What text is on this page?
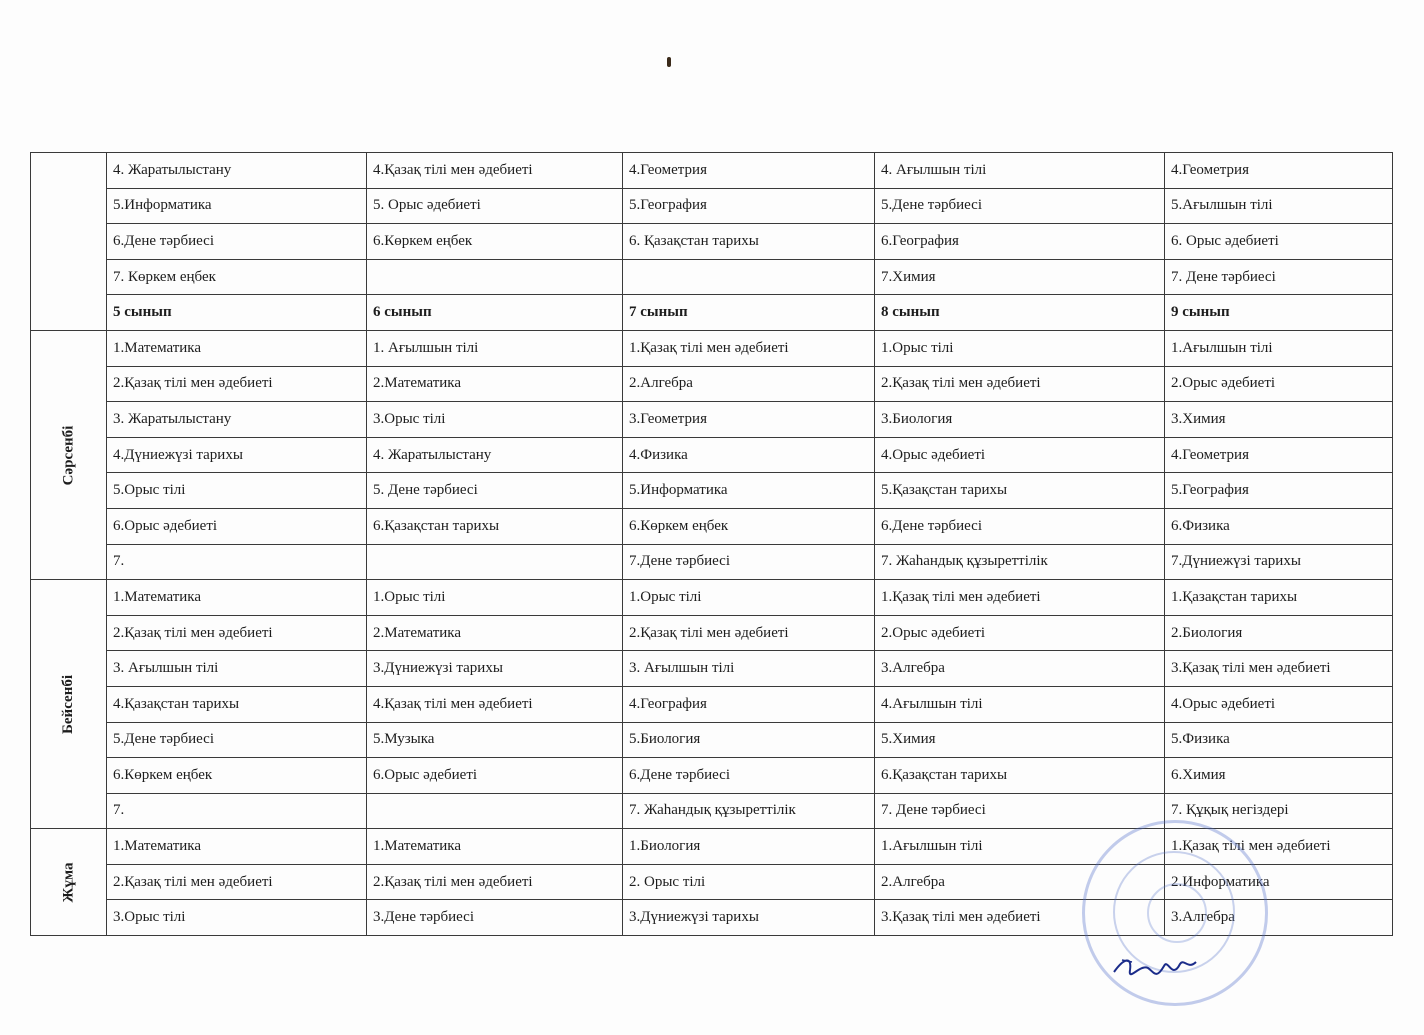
	4. Жаратылыстану	4.Қазақ тілі мен әдебиеті	4.Геометрия	4. Ағылшын тілі	4.Геометрия
	5.Информатика	5. Орыс әдебиеті	5.География	5.Дене тәрбиесі	5.Ағылшын тілі
	6.Дене тәрбиесі	6.Көркем еңбек	6. Қазақстан тарихы	6.География	6. Орыс әдебиеті
	7. Көркем еңбек			7.Химия	7. Дене тәрбиесі
	5 сынып	6 сынып	7 сынып	8 сынып	9 сынып
Сәрсенбі	1.Математика	1. Ағылшын тілі	1.Қазақ тілі мен әдебиеті	1.Орыс тілі	1.Ағылшын тілі
	2.Қазақ тілі мен әдебиеті	2.Математика	2.Алгебра	2.Қазақ тілі мен әдебиеті	2.Орыс әдебиеті
	3. Жаратылыстану	3.Орыс тілі	3.Геометрия	3.Биология	3.Химия
	4.Дүниежүзі тарихы	4. Жаратылыстану	4.Физика	4.Орыс әдебиеті	4.Геометрия
	5.Орыс тілі	5. Дене тәрбиесі	5.Информатика	5.Қазақстан тарихы	5.География
	6.Орыс әдебиеті	6.Қазақстан тарихы	6.Көркем еңбек	6.Дене тәрбиесі	6.Физика
	7.		7.Дене тәрбиесі	7. Жаһандық құзыреттілік	7.Дүниежүзі тарихы
Бейсенбі	1.Математика	1.Орыс тілі	1.Орыс тілі	1.Қазақ тілі мен әдебиеті	1.Қазақстан тарихы
	2.Қазақ тілі мен әдебиеті	2.Математика	2.Қазақ тілі мен әдебиеті	2.Орыс әдебиеті	2.Биология
	3. Ағылшын тілі	3.Дүниежүзі тарихы	3. Ағылшын тілі	3.Алгебра	3.Қазақ тілі мен әдебиеті
	4.Қазақстан тарихы	4.Қазақ тілі мен әдебиеті	4.География	4.Ағылшын тілі	4.Орыс әдебиеті
	5.Дене тәрбиесі	5.Музыка	5.Биология	5.Химия	5.Физика
	6.Көркем еңбек	6.Орыс әдебиеті	6.Дене тәрбиесі	6.Қазақстан тарихы	6.Химия
	7.		7. Жаһандық құзыреттілік	7. Дене тәрбиесі	7. Құқық негіздері
Жұма	1.Математика	1.Математика	1.Биология	1.Ағылшын тілі	1.Қазақ тілі мен әдебиеті
	2.Қазақ тілі мен әдебиеті	2.Қазақ тілі мен әдебиеті	2. Орыс тілі	2.Алгебра	2.Информатика
	3.Орыс тілі	3.Дене тәрбиесі	3.Дүниежүзі тарихы	3.Қазақ тілі мен әдебиеті	3.Алгебра
